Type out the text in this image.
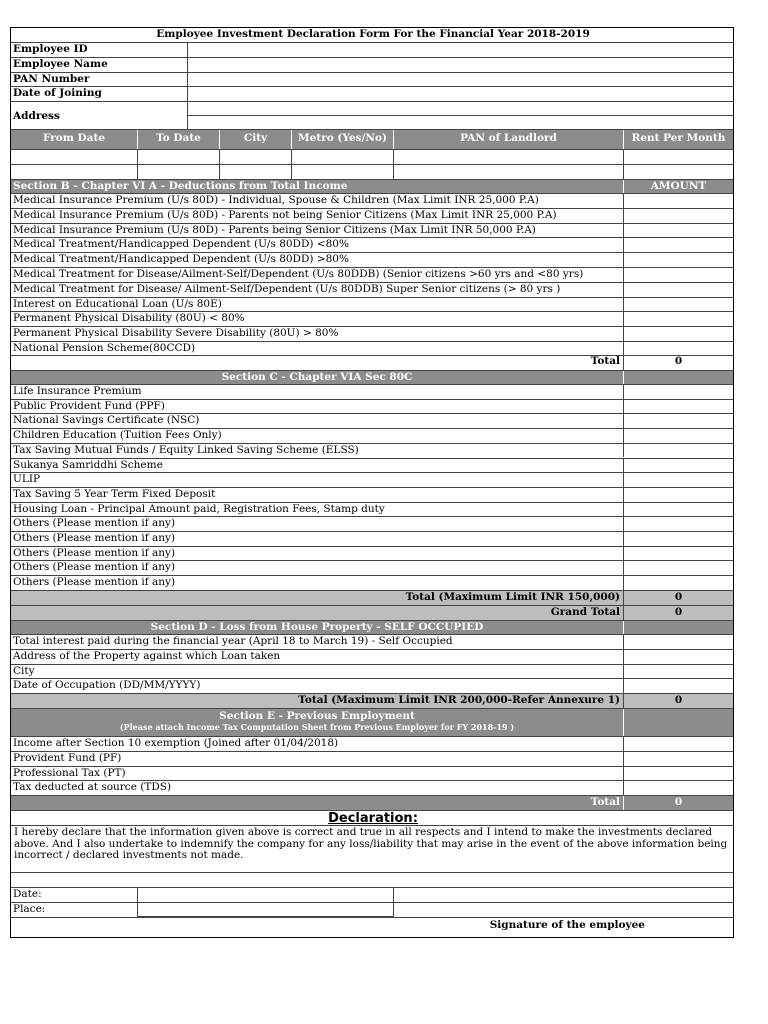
Employee Investment Declaration Form For the Financial Year 2018-2019
Employee ID
Employee Name
PAN Number
Date of Joining
Address
From Date	To Date	City	Metro (Yes/No)	PAN of Landlord	Rent Per Month
Section B - Chapter VI A - Deductions from Total Income	AMOUNT
Medical Insurance Premium (U/s 80D) - Individual, Spouse & Children (Max Limit INR 25,000 P.A)
Medical Insurance Premium (U/s 80D) - Parents not being Senior Citizens (Max Limit INR 25,000 P.A)
Medical Insurance Premium (U/s 80D) - Parents being Senior Citizens (Max Limit INR 50,000 P.A)
Medical Treatment/Handicapped Dependent (U/s 80DD) <80%
Medical Treatment/Handicapped Dependent (U/s 80DD) >80%
Medical Treatment for Disease/Ailment-Self/Dependent (U/s 80DDB) (Senior citizens >60 yrs and <80 yrs)
Medical Treatment for Disease/ Ailment-Self/Dependent (U/s 80DDB) Super Senior citizens (> 80 yrs )
Interest on Educational Loan (U/s 80E)
Permanent Physical Disability (80U) < 80%
Permanent Physical Disability Severe Disability (80U) > 80%
National Pension Scheme(80CCD)
Total	0
Section C - Chapter VIA Sec 80C
Life Insurance Premium
Public Provident Fund (PPF)
National Savings Certificate (NSC)
Children Education (Tuition Fees Only)
Tax Saving Mutual Funds / Equity Linked Saving Scheme (ELSS)
Sukanya Samriddhi Scheme
ULIP
Tax Saving 5 Year Term Fixed Deposit
Housing Loan - Principal Amount paid, Registration Fees, Stamp duty
Others (Please mention if any)
Others (Please mention if any)
Others (Please mention if any)
Others (Please mention if any)
Others (Please mention if any)
Total (Maximum Limit INR 150,000)	0
Grand Total	0
Section D - Loss from House Property - SELF OCCUPIED
Total interest paid during the financial year (April 18 to March 19) - Self Occupied
Address of the Property against which Loan taken
City
Date of Occupation (DD/MM/YYYY)
Total (Maximum Limit INR 200,000-Refer Annexure 1)	0
Section E - Previous Employment
(Please attach Income Tax Computation Sheet from Previous Employer for FY 2018-19 )
Income after Section 10 exemption (Joined after 01/04/2018)
Provident Fund (PF)
Professional Tax (PT)
Tax deducted at source (TDS)
Total	0
Declaration:
I hereby declare that the information given above is correct and true in all respects and I intend to make the investments declared above. And I also undertake to indemnify the company for any loss/liability that may arise in the event of the above information being incorrect / declared investments not made.
Date:
Place:
Signature of the employee
